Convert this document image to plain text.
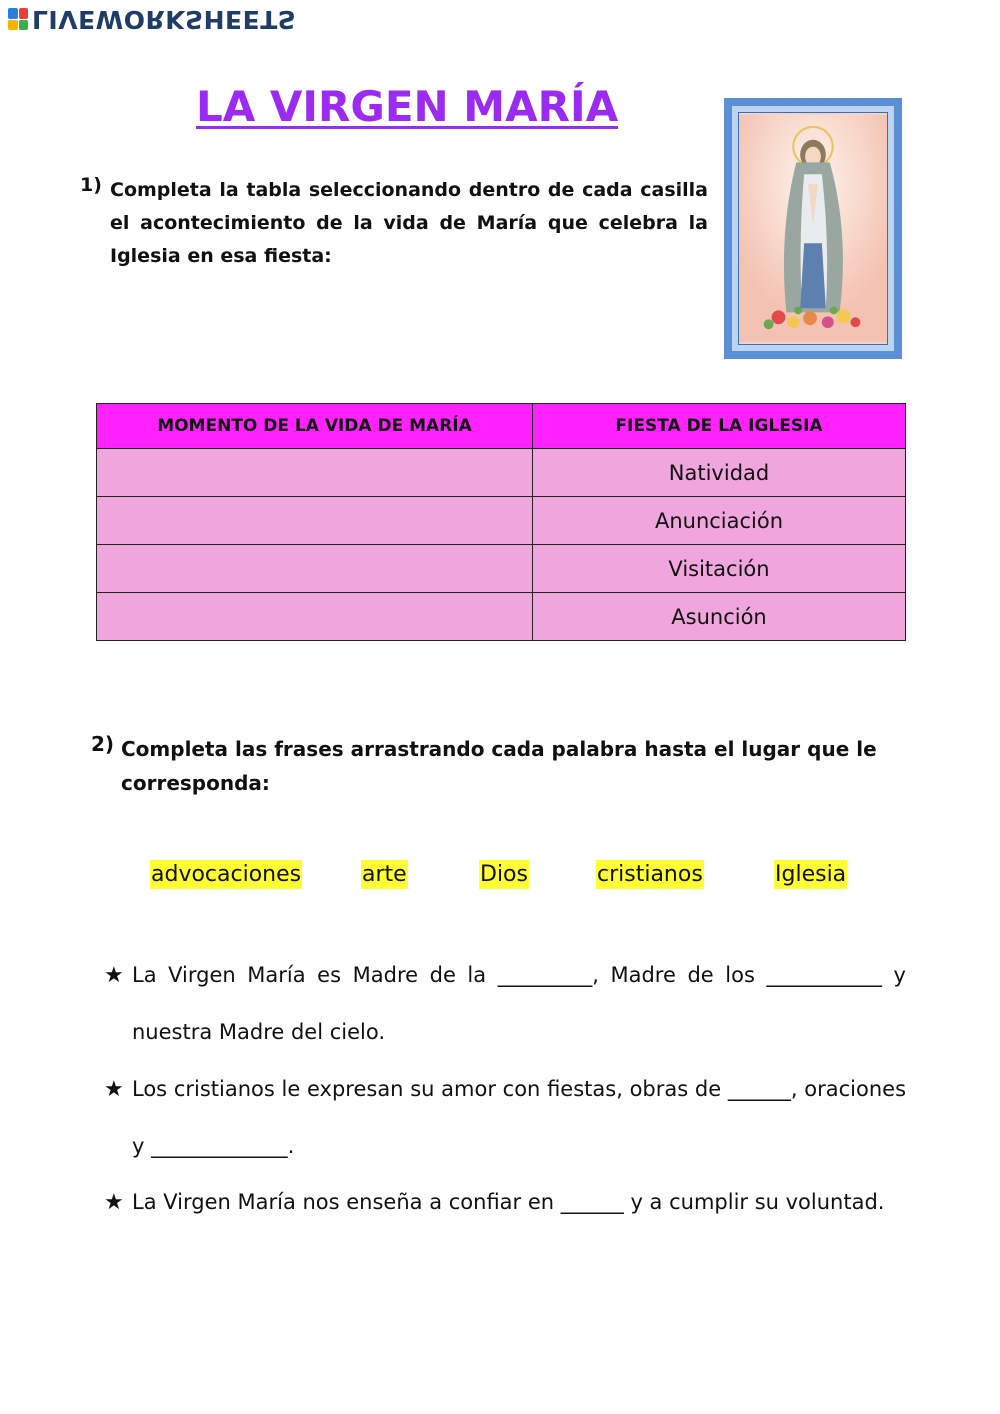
LIVEWORKSHEETS
LA VIRGEN MARÍA
1) Completa la tabla seleccionando dentro de cada casilla el acontecimiento de la vida de María que celebra la Iglesia en esa fiesta:
MOMENTO DE LA VIDA DE MARÍA	FIESTA DE LA IGLESIA
	Natividad
	Anunciación
	Visitación
	Asunción
2) Completa las frases arrastrando cada palabra hasta el lugar que le corresponda:
advocaciones	arte	Dios	cristianos	Iglesia
★ La Virgen María es Madre de la _________, Madre de los ___________ y nuestra Madre del cielo.
★ Los cristianos le expresan su amor con fiestas, obras de ______, oraciones y _____________.
★ La Virgen María nos enseña a confiar en ______ y a cumplir su voluntad.
